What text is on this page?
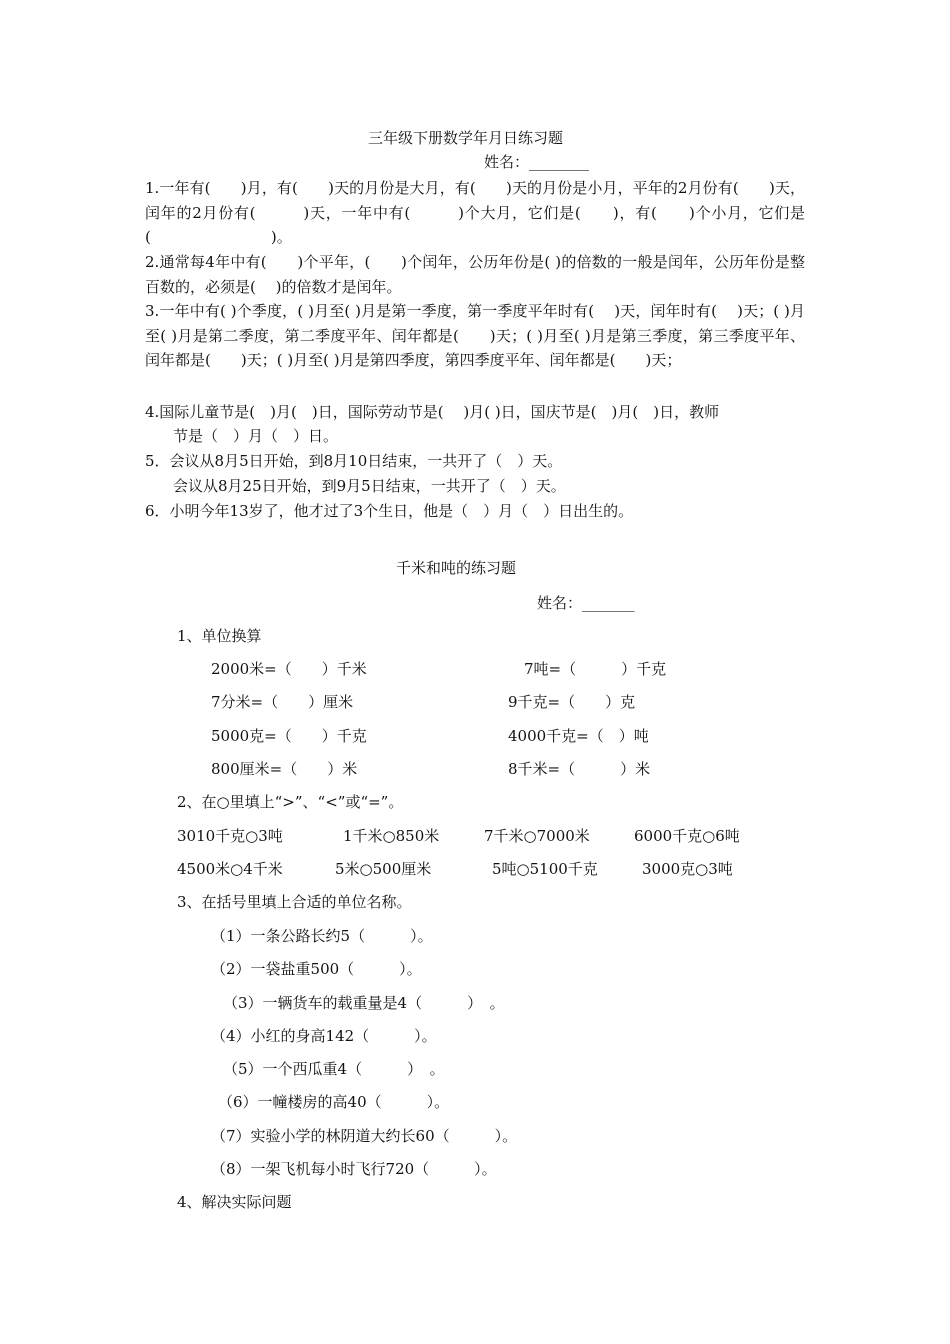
三年级下册数学年月日练习题
姓名：________
1.一年有(　　)月，有(　　)天的月份是大月，有(　　)天的月份是小月，平年的2月份有(　　)天，闰年的2月份有(　　　)天，一年中有(　　　)个大月，它们是(　　)，有(　　)个小月，它们是(　　　　　　　　)。
2.通常每4年中有(　　)个平年，(　　)个闰年，公历年份是( )的倍数的一般是闰年，公历年份是整百数的，必须是(　 )的倍数才是闰年。
3.一年中有( )个季度，( )月至( )月是第一季度，第一季度平年时有(　 )天，闰年时有(　 )天；( )月至( )月是第二季度，第二季度平年、闰年都是(　　)天；( )月至( )月是第三季度，第三季度平年、闰年都是(　　)天；( )月至( )月是第四季度，第四季度平年、闰年都是(　　)天；
4.国际儿童节是(　)月(　)日，国际劳动节是(　 )月( )日，国庆节是(　)月(　)日，教师
节是（　）月（　）日。
5．会议从8月5日开始，到8月10日结束，一共开了（　）天。
会议从8月25日开始，到9月5日结束，一共开了（　）天。
6．小明今年13岁了，他才过了3个生日，他是（　）月（　）日出生的。
千米和吨的练习题
姓名：_______
1、单位换算
2000米=（　　）千米	7吨=（　　　）千克
7分米=（　　）厘米	9千克=（　　）克
5000克=（　　）千克	4000千克=（　）吨
800厘米=（　　）米	8千米=（　　　）米
2、在○里填上“>”、“<”或“=”。
3010千克○3吨	1千米○850米	7千米○7000米	6000千克○6吨
4500米○4千米	5米○500厘米	5吨○5100千克	3000克○3吨
3、在括号里填上合适的单位名称。
（1）一条公路长约5（　　　）。
（2）一袋盐重500（　　　）。
（3）一辆货车的载重量是4（　　　）　。
（4）小红的身高142（　　　）。
（5）一个西瓜重4（　　　）　。
（6）一幢楼房的高40（　　　）。
（7）实验小学的林阴道大约长60（　　　）。
（8）一架飞机每小时飞行720（　　　）。
4、解决实际问题
